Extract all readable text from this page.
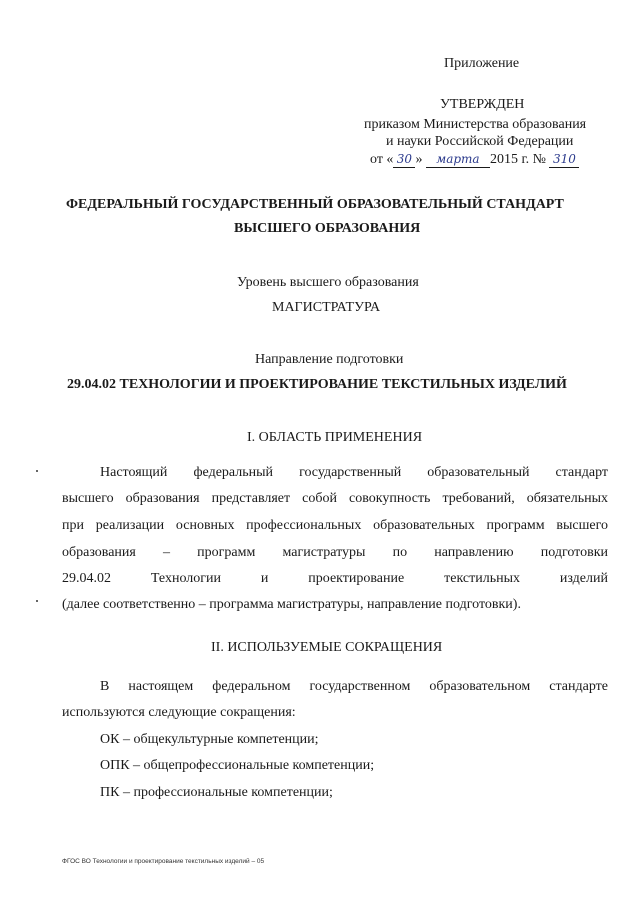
Приложение
УТВЕРЖДЕН
приказом Министерства образования
и науки Российской Федерации
от « 30 » марта 2015 г. № 310
ФЕДЕРАЛЬНЫЙ ГОСУДАРСТВЕННЫЙ ОБРАЗОВАТЕЛЬНЫЙ СТАНДАРТ
ВЫСШЕГО ОБРАЗОВАНИЯ
Уровень высшего образования
МАГИСТРАТУРА
Направление подготовки
29.04.02 ТЕХНОЛОГИИ И ПРОЕКТИРОВАНИЕ ТЕКСТИЛЬНЫХ ИЗДЕЛИЙ
I. ОБЛАСТЬ ПРИМЕНЕНИЯ
Настоящий федеральный государственный образовательный стандарт
высшего образования представляет собой совокупность требований, обязательных
при реализации основных профессиональных образовательных программ высшего
образования – программ магистратуры по направлению подготовки
29.04.02 Технологии и проектирование текстильных изделий
(далее соответственно – программа магистратуры, направление подготовки).
II. ИСПОЛЬЗУЕМЫЕ СОКРАЩЕНИЯ
В настоящем федеральном государственном образовательном стандарте
используются следующие сокращения:
ОК – общекультурные компетенции;
ОПК – общепрофессиональные компетенции;
ПК – профессиональные компетенции;
ФГОС ВО Технологии и проектирование текстильных изделий – 05
